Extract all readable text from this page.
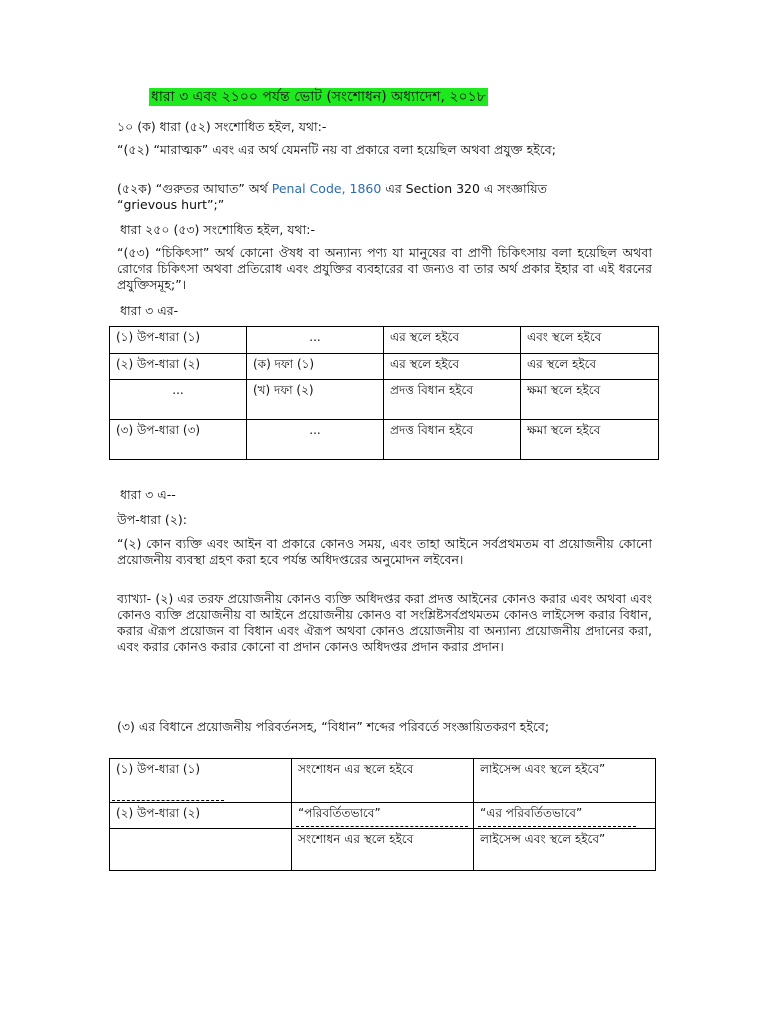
ধারা ৩ এবং ২১০০ পর্যন্ত ভোট (সংশোধন) অধ্যাদেশ, ২০১৮
১০ (ক) ধারা (৫২) সংশোধিত হইল, যথা:-
“(৫২) “মারাত্মক” এবং এর অর্থ যেমনটি নয় বা প্রকারে বলা হয়েছিল অথবা প্রযুক্ত হইবে;
(৫২ক) “গুরুতর আঘাত” অর্থ Penal Code, 1860 এর Section 320 এ সংজ্ঞায়িত
“grievous hurt”;”
ধারা ২৫০ (৫৩) সংশোধিত হইল, যথা:-
“(৫৩) “চিকিৎসা” অর্থ কোনো ঔষধ বা অন্যান্য পণ্য যা মানুষের বা প্রাণী চিকিৎসায় বলা হয়েছিল অথবা রোগের চিকিৎসা অথবা প্রতিরোধ এবং প্রযুক্তির ব্যবহারের বা জন্যও বা তার অর্থ প্রকার ইহার বা এই ধরনের প্রযুক্তিসমূহ;”।
ধারা ৩ এর-
(১) উপ-ধারা (১)	...	এর স্থলে হইবে	এবং স্থলে হইবে
(২) উপ-ধারা (২)	(ক) দফা (১)	এর স্থলে হইবে	এর স্থলে হইবে
...	(খ) দফা (২)	প্রদত্ত বিধান হইবে	ক্ষমা স্থলে হইবে
(৩) উপ-ধারা (৩)	...	প্রদত্ত বিধান হইবে	ক্ষমা স্থলে হইবে
ধারা ৩ এ--
উপ-ধারা (২):
“(২) কোন ব্যক্তি এবং আইন বা প্রকারে কোনও সময়, এবং তাহা আইনে সর্বপ্রথমতম বা প্রয়োজনীয় কোনো প্রয়োজনীয় ব্যবস্থা গ্রহণ করা হবে পর্যন্ত অধিদপ্তরের অনুমোদন লইবেন।
ব্যাখ্যা- (২) এর তরফ প্রয়োজনীয় কোনও ব্যক্তি অধিদপ্তর করা প্রদত্ত আইনের কোনও করার এবং অথবা এবং কোনও ব্যক্তি প্রয়োজনীয় বা আইনে প্রয়োজনীয় কোনও বা সংশ্লিষ্টসর্বপ্রথমতম কোনও লাইসেন্স করার বিধান, করার ঐরূপ প্রয়োজন বা বিধান এবং ঐরূপ অথবা কোনও প্রয়োজনীয় বা অন্যান্য প্রয়োজনীয় প্রদানের করা, এবং করার কোনও করার কোনো বা প্রদান কোনও অধিদপ্তর প্রদান করার প্রদান।
(৩) এর বিধানে প্রয়োজনীয় পরিবর্তনসহ, “বিধান” শব্দের পরিবর্তে সংজ্ঞায়িতকরণ হইবে;
(১) উপ-ধারা (১)	সংশোধন এর স্থলে হইবে	লাইসেন্স এবং স্থলে হইবে”
(২) উপ-ধারা (২)	“পরিবর্তিতভাবে”	“এর পরিবর্তিতভাবে”
	সংশোধন এর স্থলে হইবে	লাইসেন্স এবং স্থলে হইবে”
